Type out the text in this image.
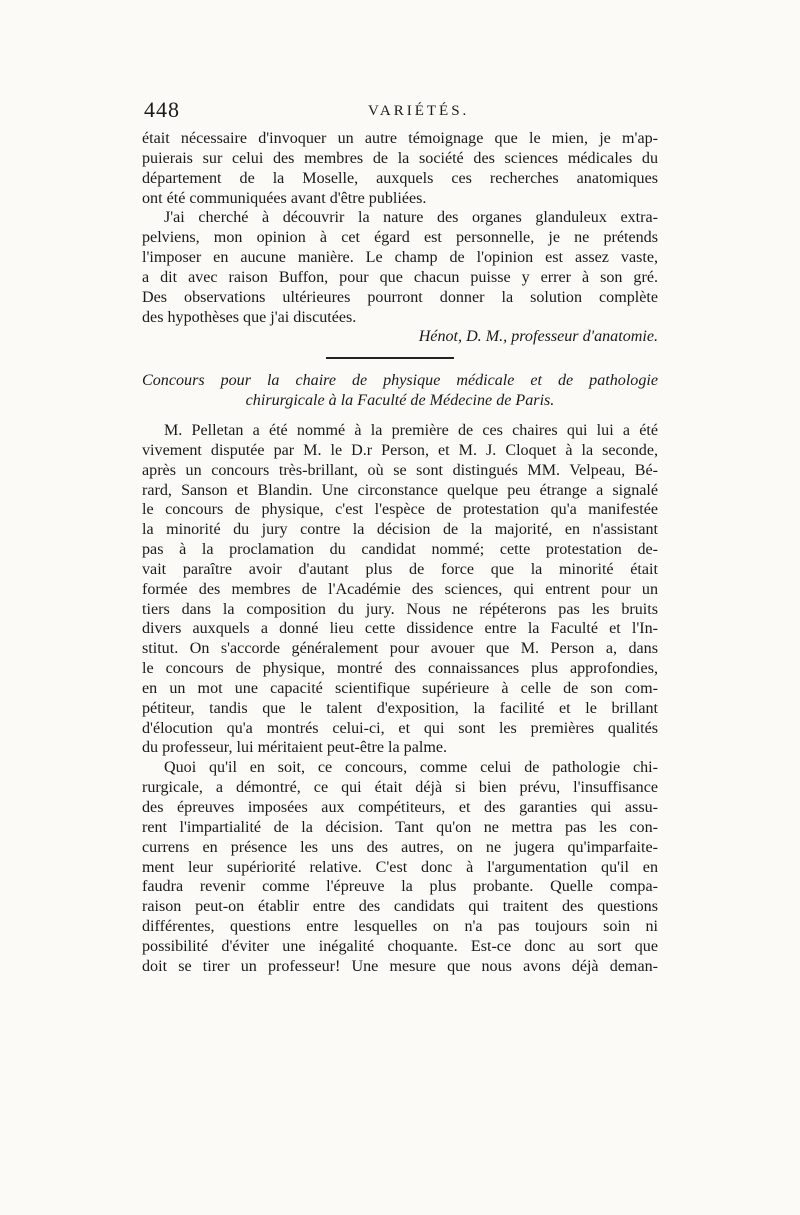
448	VARIÉTÉS.
était nécessaire d'invoquer un autre témoignage que le mien, je m'ap-
puierais sur celui des membres de la société des sciences médicales du
département de la Moselle, auxquels ces recherches anatomiques
ont été communiquées avant d'être publiées.
J'ai cherché à découvrir la nature des organes glanduleux extra-
pelviens, mon opinion à cet égard est personnelle, je ne prétends
l'imposer en aucune manière. Le champ de l'opinion est assez vaste,
a dit avec raison Buffon, pour que chacun puisse y errer à son gré.
Des observations ultérieures pourront donner la solution complète
des hypothèses que j'ai discutées.
Hénot, D. M., professeur d'anatomie.
Concours pour la chaire de physique médicale et de pathologie
chirurgicale à la Faculté de Médecine de Paris.
M. Pelletan a été nommé à la première de ces chaires qui lui a été
vivement disputée par M. le D.r Person, et M. J. Cloquet à la seconde,
après un concours très-brillant, où se sont distingués MM. Velpeau, Bé-
rard, Sanson et Blandin. Une circonstance quelque peu étrange a signalé
le concours de physique, c'est l'espèce de protestation qu'a manifestée
la minorité du jury contre la décision de la majorité, en n'assistant
pas à la proclamation du candidat nommé; cette protestation de-
vait paraître avoir d'autant plus de force que la minorité était
formée des membres de l'Académie des sciences, qui entrent pour un
tiers dans la composition du jury. Nous ne répéterons pas les bruits
divers auxquels a donné lieu cette dissidence entre la Faculté et l'In-
stitut. On s'accorde généralement pour avouer que M. Person a, dans
le concours de physique, montré des connaissances plus approfondies,
en un mot une capacité scientifique supérieure à celle de son com-
pétiteur, tandis que le talent d'exposition, la facilité et le brillant
d'élocution qu'a montrés celui-ci, et qui sont les premières qualités
du professeur, lui méritaient peut-être la palme.
Quoi qu'il en soit, ce concours, comme celui de pathologie chi-
rurgicale, a démontré, ce qui était déjà si bien prévu, l'insuffisance
des épreuves imposées aux compétiteurs, et des garanties qui assu-
rent l'impartialité de la décision. Tant qu'on ne mettra pas les con-
currens en présence les uns des autres, on ne jugera qu'imparfaite-
ment leur supériorité relative. C'est donc à l'argumentation qu'il en
faudra revenir comme l'épreuve la plus probante. Quelle compa-
raison peut-on établir entre des candidats qui traitent des questions
différentes, questions entre lesquelles on n'a pas toujours soin ni
possibilité d'éviter une inégalité choquante. Est-ce donc au sort que
doit se tirer un professeur! Une mesure que nous avons déjà deman-
